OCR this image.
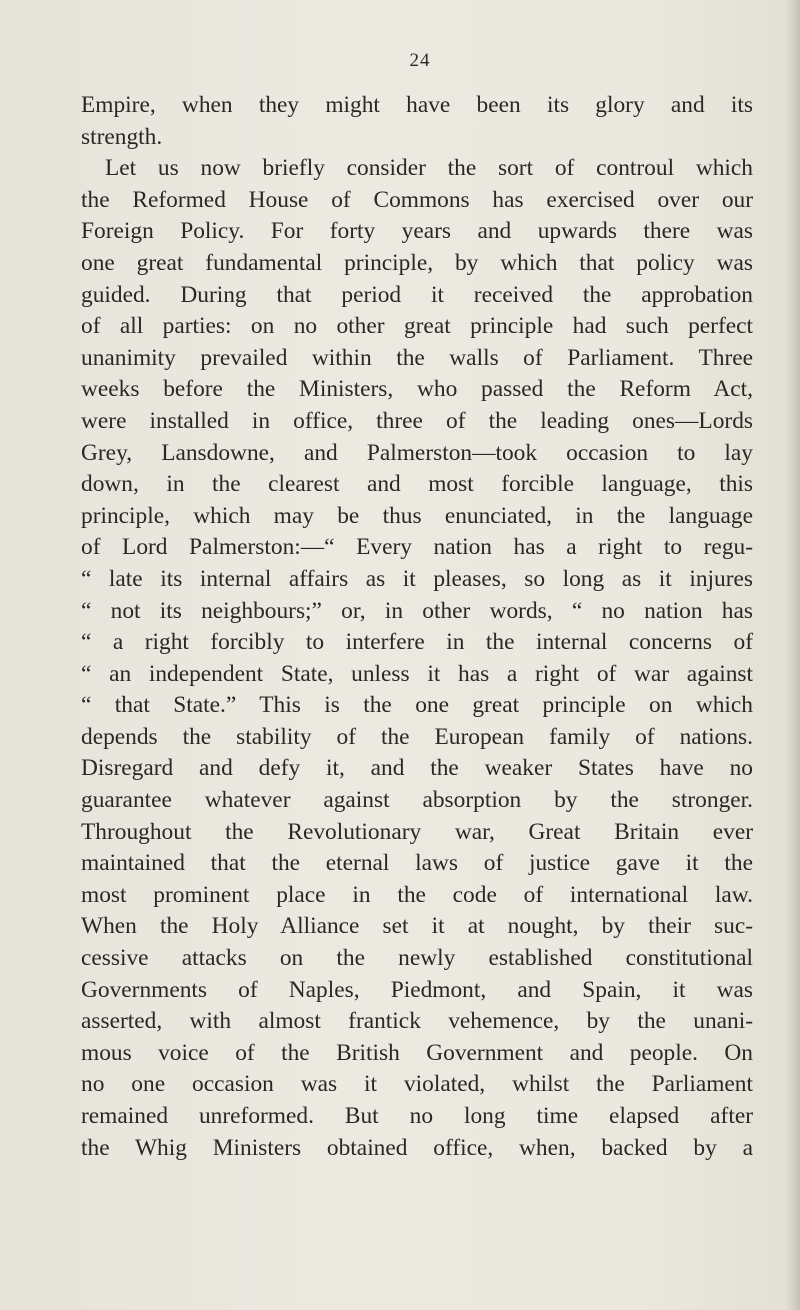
24
Empire, when they might have been its glory and its
strength.
Let us now briefly consider the sort of controul which
the Reformed House of Commons has exercised over our
Foreign Policy. For forty years and upwards there was
one great fundamental principle, by which that policy was
guided. During that period it received the approbation
of all parties: on no other great principle had such perfect
unanimity prevailed within the walls of Parliament. Three
weeks before the Ministers, who passed the Reform Act,
were installed in office, three of the leading ones—Lords
Grey, Lansdowne, and Palmerston—took occasion to lay
down, in the clearest and most forcible language, this
principle, which may be thus enunciated, in the language
of Lord Palmerston:—“ Every nation has a right to regu-
“ late its internal affairs as it pleases, so long as it injures
“ not its neighbours;” or, in other words, “ no nation has
“ a right forcibly to interfere in the internal concerns of
“ an independent State, unless it has a right of war against
“ that State.” This is the one great principle on which
depends the stability of the European family of nations.
Disregard and defy it, and the weaker States have no
guarantee whatever against absorption by the stronger.
Throughout the Revolutionary war, Great Britain ever
maintained that the eternal laws of justice gave it the
most prominent place in the code of international law.
When the Holy Alliance set it at nought, by their suc-
cessive attacks on the newly established constitutional
Governments of Naples, Piedmont, and Spain, it was
asserted, with almost frantick vehemence, by the unani-
mous voice of the British Government and people. On
no one occasion was it violated, whilst the Parliament
remained unreformed. But no long time elapsed after
the Whig Ministers obtained office, when, backed by a
